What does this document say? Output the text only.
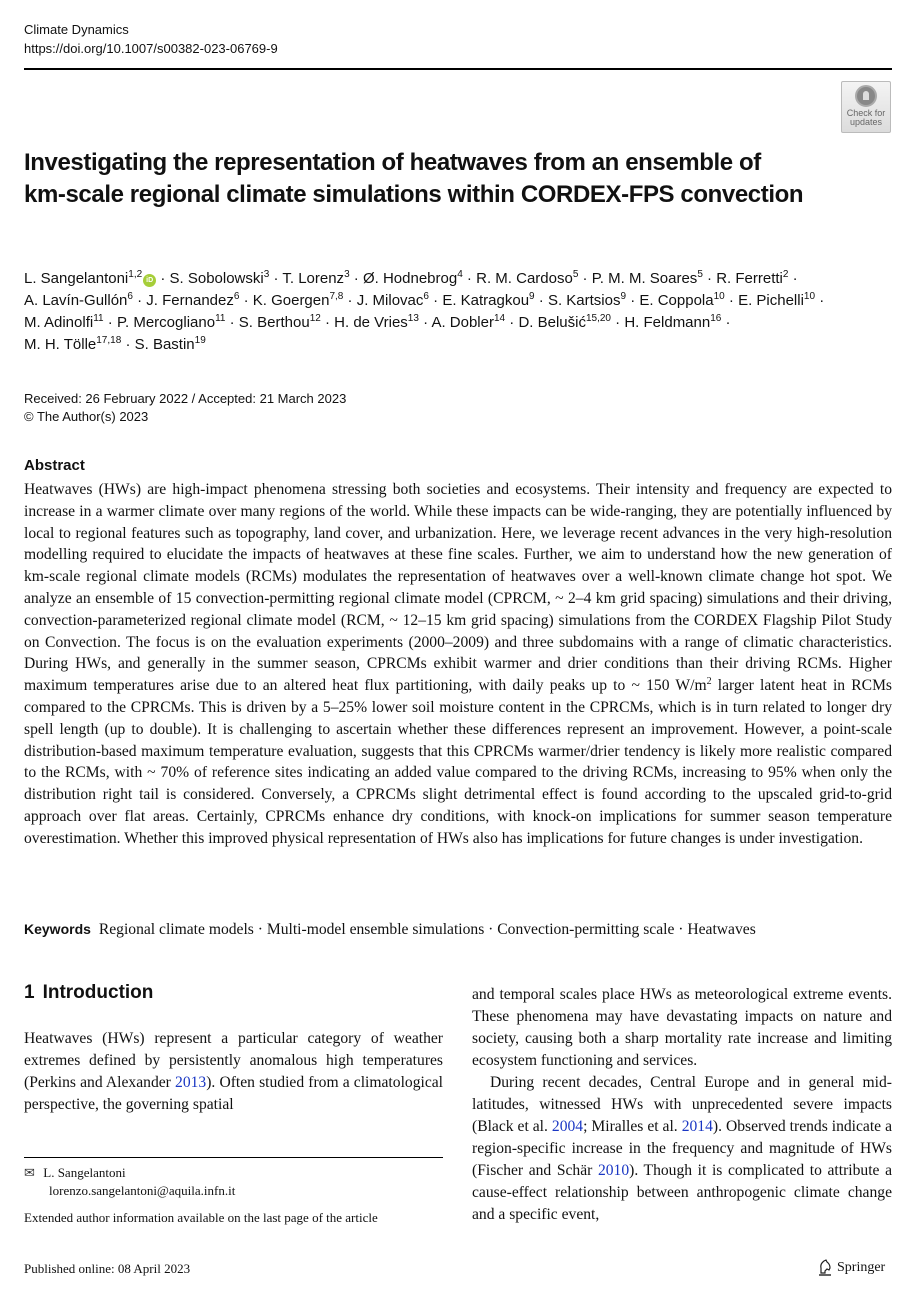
Climate Dynamics
https://doi.org/10.1007/s00382-023-06769-9
Check for
updates
Investigating the representation of heatwaves from an ensemble of km-scale regional climate simulations within CORDEX-FPS convection
L. Sangelantoni$^{1,2}$iD · S. Sobolowski$^3$ · T. Lorenz$^3$ · Ø. Hodnebrog$^4$ · R. M. Cardoso$^5$ · P. M. M. Soares$^5$ · R. Ferretti$^2$ ·
A. Lavín-Gullón$^6$ · J. Fernandez$^6$ · K. Goergen$^{7,8}$ · J. Milovac$^6$ · E. Katragkou$^9$ · S. Kartsios$^9$ · E. Coppola$^{10}$ · E. Pichelli$^{10}$ ·
M. Adinolfi$^{11}$ · P. Mercogliano$^{11}$ · S. Berthou$^{12}$ · H. de Vries$^{13}$ · A. Dobler$^{14}$ · D. Belušić$^{15,20}$ · H. Feldmann$^{16}$ ·
M. H. Tölle$^{17,18}$ · S. Bastin$^{19}$
Received: 26 February 2022 / Accepted: 21 March 2023
© The Author(s) 2023
Abstract

Heatwaves (HWs) are high-impact phenomena stressing both societies and ecosystems. Their intensity and frequency are expected to increase in a warmer climate over many regions of the world. While these impacts can be wide-ranging, they are potentially influenced by local to regional features such as topography, land cover, and urbanization. Here, we leverage recent advances in the very high-resolution modelling required to elucidate the impacts of heatwaves at these fine scales. Further, we aim to understand how the new generation of km-scale regional climate models (RCMs) modulates the representation of heatwaves over a well-known climate change hot spot. We analyze an ensemble of 15 convection-permitting regional climate model (CPRCM, ~ 2–4 km grid spacing) simulations and their driving, convection-parameterized regional climate model (RCM, ~ 12–15 km grid spacing) simulations from the CORDEX Flagship Pilot Study on Convection. The focus is on the evaluation experiments (2000–2009) and three subdomains with a range of climatic characteristics. During HWs, and generally in the summer season, CPRCMs exhibit warmer and drier conditions than their driving RCMs. Higher maximum temperatures arise due to an altered heat flux partitioning, with daily peaks up to ~ 150 $W/m^2$ larger latent heat in RCMs compared to the CPRCMs. This is driven by a 5–25% lower soil moisture content in the CPRCMs, which is in turn related to longer dry spell length (up to double). It is challenging to ascertain whether these differences represent an improvement. However, a point-scale distribution-based maximum temperature evaluation, suggests that this CPRCMs warmer/drier tendency is likely more realistic compared to the RCMs, with ~ 70% of reference sites indicating an added value compared to the driving RCMs, increasing to 95% when only the distribution right tail is considered. Conversely, a CPRCMs slight detrimental effect is found according to the upscaled grid-to-grid approach over flat areas. Certainly, CPRCMs enhance dry conditions, with knock-on implications for summer season temperature overestimation. Whether this improved physical representation of HWs also has implications for future changes is under investigation.

Keywords Regional climate models · Multi-model ensemble simulations · Convection-permitting scale · Heatwaves
1 Introduction

Heatwaves (HWs) represent a particular category of weather extremes defined by persistently anomalous high temperatures (Perkins and Alexander 2013). Often studied from a climatological perspective, the governing spatial

and temporal scales place HWs as meteorological extreme events. These phenomena may have devastating impacts on nature and society, causing both a sharp mortality rate increase and limiting ecosystem functioning and services.

During recent decades, Central Europe and in general mid-latitudes, witnessed HWs with unprecedented severe impacts (Black et al. 2004; Miralles et al. 2014). Observed trends indicate a region-specific increase in the frequency and magnitude of HWs (Fischer and Schär 2010). Though it is complicated to attribute a cause-effect relationship between anthropogenic climate change and a specific event,

✉ L. Sangelantoni
lorenzo.sangelantoni@aquila.infn.it
Extended author information available on the last page of the article
Published online: 08 April 2023	Springer
